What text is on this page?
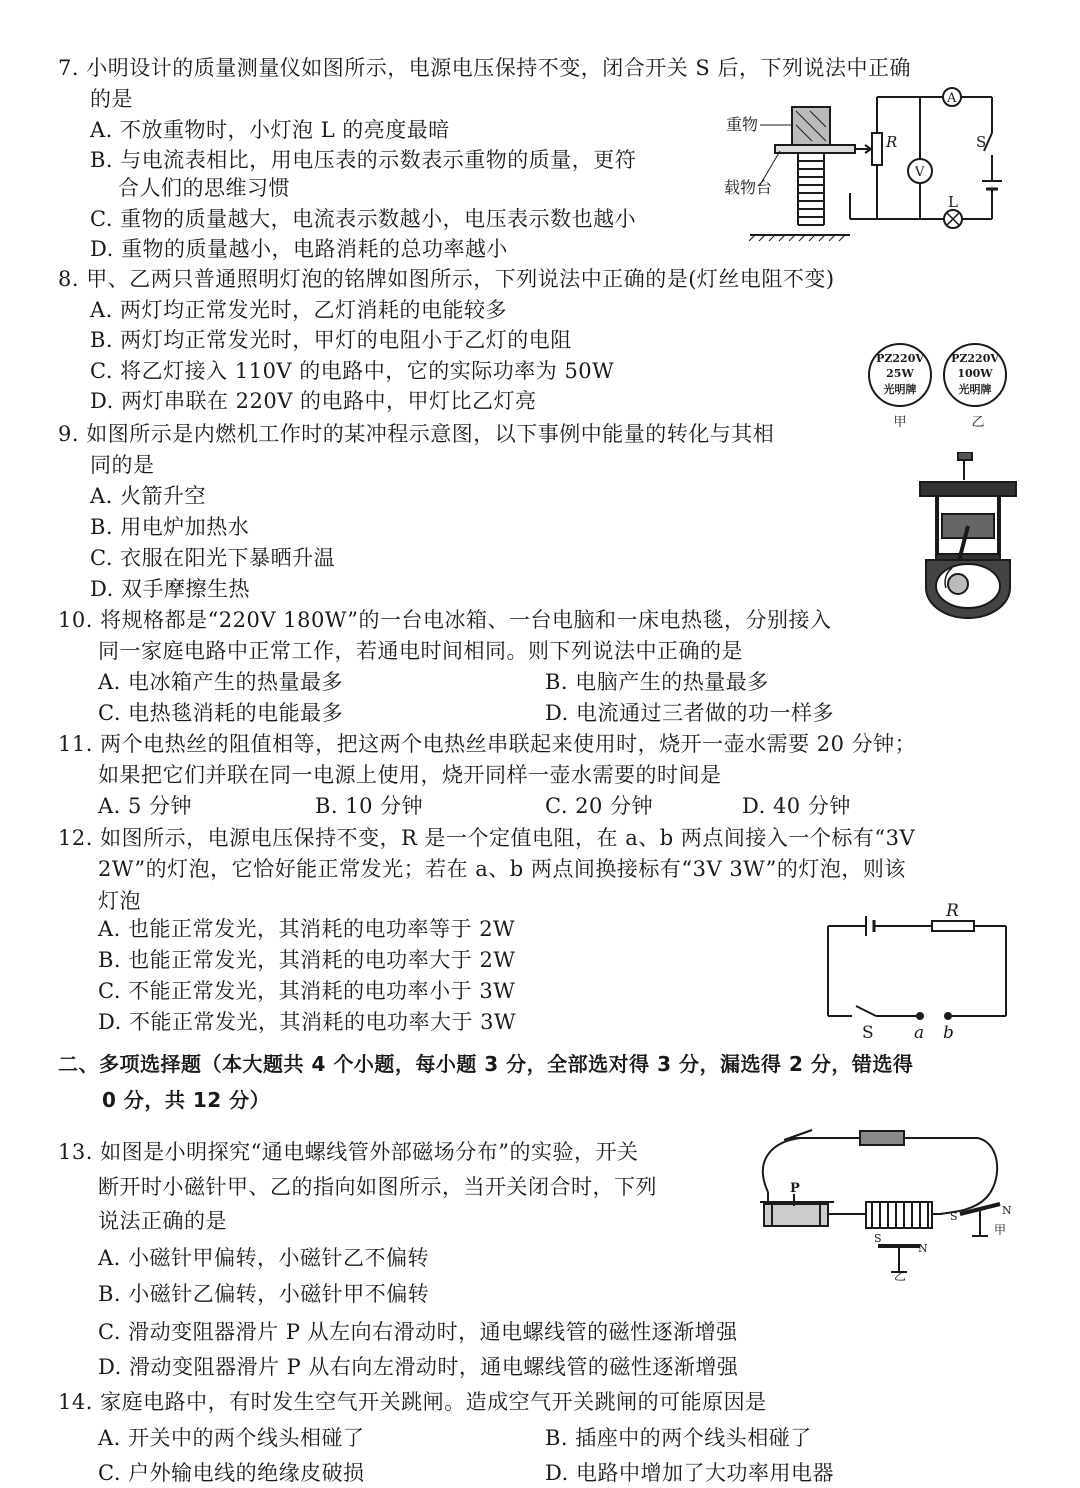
7. 小明设计的质量测量仪如图所示，电源电压保持不变，闭合开关 S 后，下列说法中正确
的是
A. 不放重物时，小灯泡 L 的亮度最暗
B. 与电流表相比，用电压表的示数表示重物的质量，更符
合人们的思维习惯
C. 重物的质量越大，电流表示数越小，电压表示数也越小
D. 重物的质量越小，电路消耗的总功率越小
重物
载物台
R
A
V
S
L
8. 甲、乙两只普通照明灯泡的铭牌如图所示，下列说法中正确的是(灯丝电阻不变)
A. 两灯均正常发光时，乙灯消耗的电能较多
B. 两灯均正常发光时，甲灯的电阻小于乙灯的电阻
C. 将乙灯接入 110V 的电路中，它的实际功率为 50W
D. 两灯串联在 220V 的电路中，甲灯比乙灯亮
PZ220V
25W
光明牌
PZ220V
100W
光明牌
甲	乙
9. 如图所示是内燃机工作时的某冲程示意图，以下事例中能量的转化与其相
同的是
A. 火箭升空
B. 用电炉加热水
C. 衣服在阳光下暴晒升温
D. 双手摩擦生热
10. 将规格都是“220V 180W”的一台电冰箱、一台电脑和一床电热毯，分别接入
同一家庭电路中正常工作，若通电时间相同。则下列说法中正确的是
A. 电冰箱产生的热量最多	B. 电脑产生的热量最多
C. 电热毯消耗的电能最多	D. 电流通过三者做的功一样多
11. 两个电热丝的阻值相等，把这两个电热丝串联起来使用时，烧开一壶水需要 20 分钟；
如果把它们并联在同一电源上使用，烧开同样一壶水需要的时间是
A. 5 分钟	B. 10 分钟	C. 20 分钟	D. 40 分钟
12. 如图所示，电源电压保持不变，R 是一个定值电阻，在 a、b 两点间接入一个标有“3V
2W”的灯泡，它恰好能正常发光；若在 a、b 两点间换接标有“3V 3W”的灯泡，则该
灯泡
A. 也能正常发光，其消耗的电功率等于 2W
B. 也能正常发光，其消耗的电功率大于 2W
C. 不能正常发光，其消耗的电功率小于 3W
D. 不能正常发光，其消耗的电功率大于 3W
R
S a b
二、多项选择题（本大题共 4 个小题，每小题 3 分，全部选对得 3 分，漏选得 2 分，错选得
0 分，共 12 分）
13. 如图是小明探究“通电螺线管外部磁场分布”的实验，开关
断开时小磁针甲、乙的指向如图所示，当开关闭合时，下列
说法正确的是
A. 小磁针甲偏转，小磁针乙不偏转
B. 小磁针乙偏转，小磁针甲不偏转
C. 滑动变阻器滑片 P 从左向右滑动时，通电螺线管的磁性逐渐增强
D. 滑动变阻器滑片 P 从右向左滑动时，通电螺线管的磁性逐渐增强
P
S	N
甲
S
N
乙
14. 家庭电路中，有时发生空气开关跳闸。造成空气开关跳闸的可能原因是
A. 开关中的两个线头相碰了	B. 插座中的两个线头相碰了
C. 户外输电线的绝缘皮破损	D. 电路中增加了大功率用电器
